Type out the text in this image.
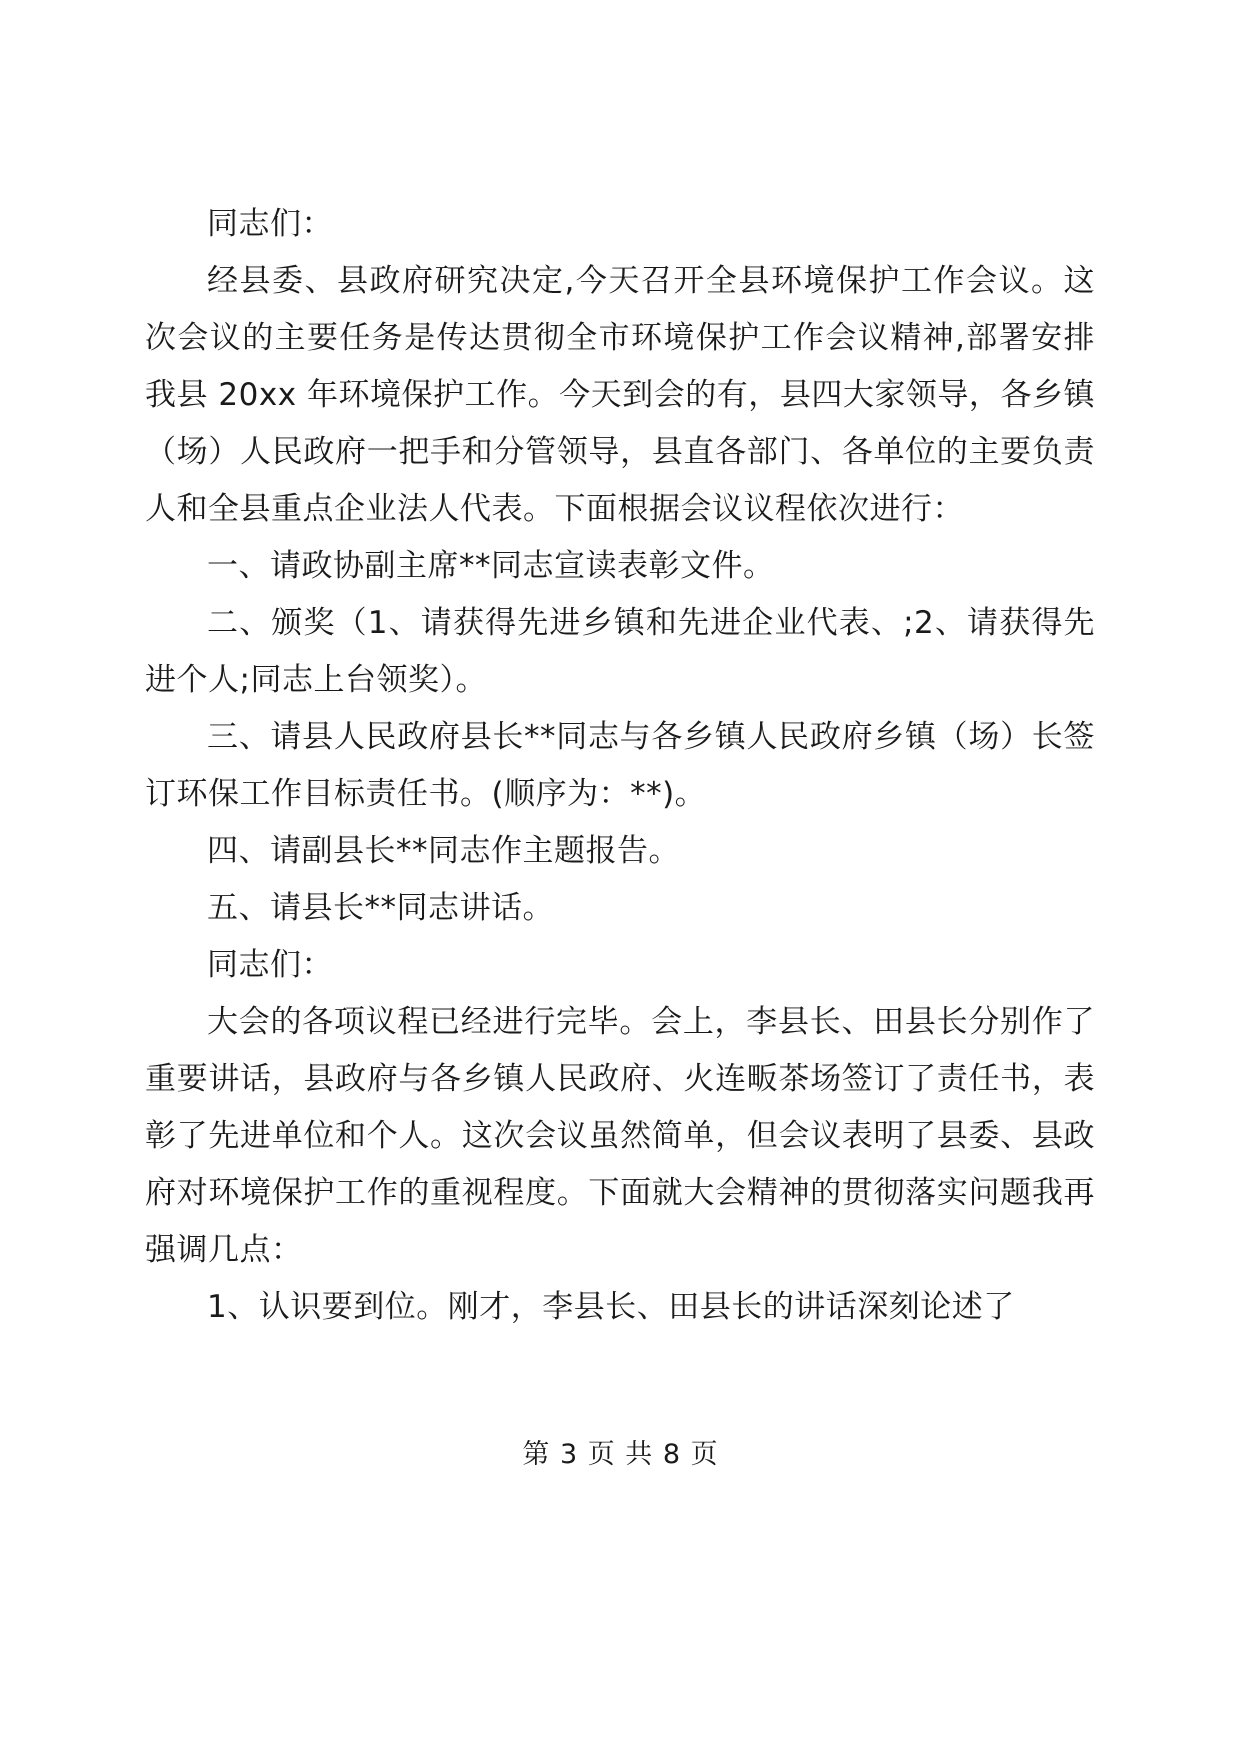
同志们：

经县委、县政府研究决定,今天召开全县环境保护工作会议。这次会议的主要任务是传达贯彻全市环境保护工作会议精神,部署安排我县 20xx 年环境保护工作。今天到会的有，县四大家领导，各乡镇（场）人民政府一把手和分管领导，县直各部门、各单位的主要负责人和全县重点企业法人代表。下面根据会议议程依次进行：

一、请政协副主席**同志宣读表彰文件。

二、颁奖（1、请获得先进乡镇和先进企业代表、;2、请获得先进个人;同志上台领奖）。

三、请县人民政府县长**同志与各乡镇人民政府乡镇（场）长签订环保工作目标责任书。(顺序为：**)。

四、请副县长**同志作主题报告。

五、请县长**同志讲话。

同志们：

大会的各项议程已经进行完毕。会上，李县长、田县长分别作了重要讲话，县政府与各乡镇人民政府、火连畈茶场签订了责任书，表彰了先进单位和个人。这次会议虽然简单，但会议表明了县委、县政府对环境保护工作的重视程度。下面就大会精神的贯彻落实问题我再强调几点：

1、认识要到位。刚才，李县长、田县长的讲话深刻论述了

第 3 页 共 8 页
